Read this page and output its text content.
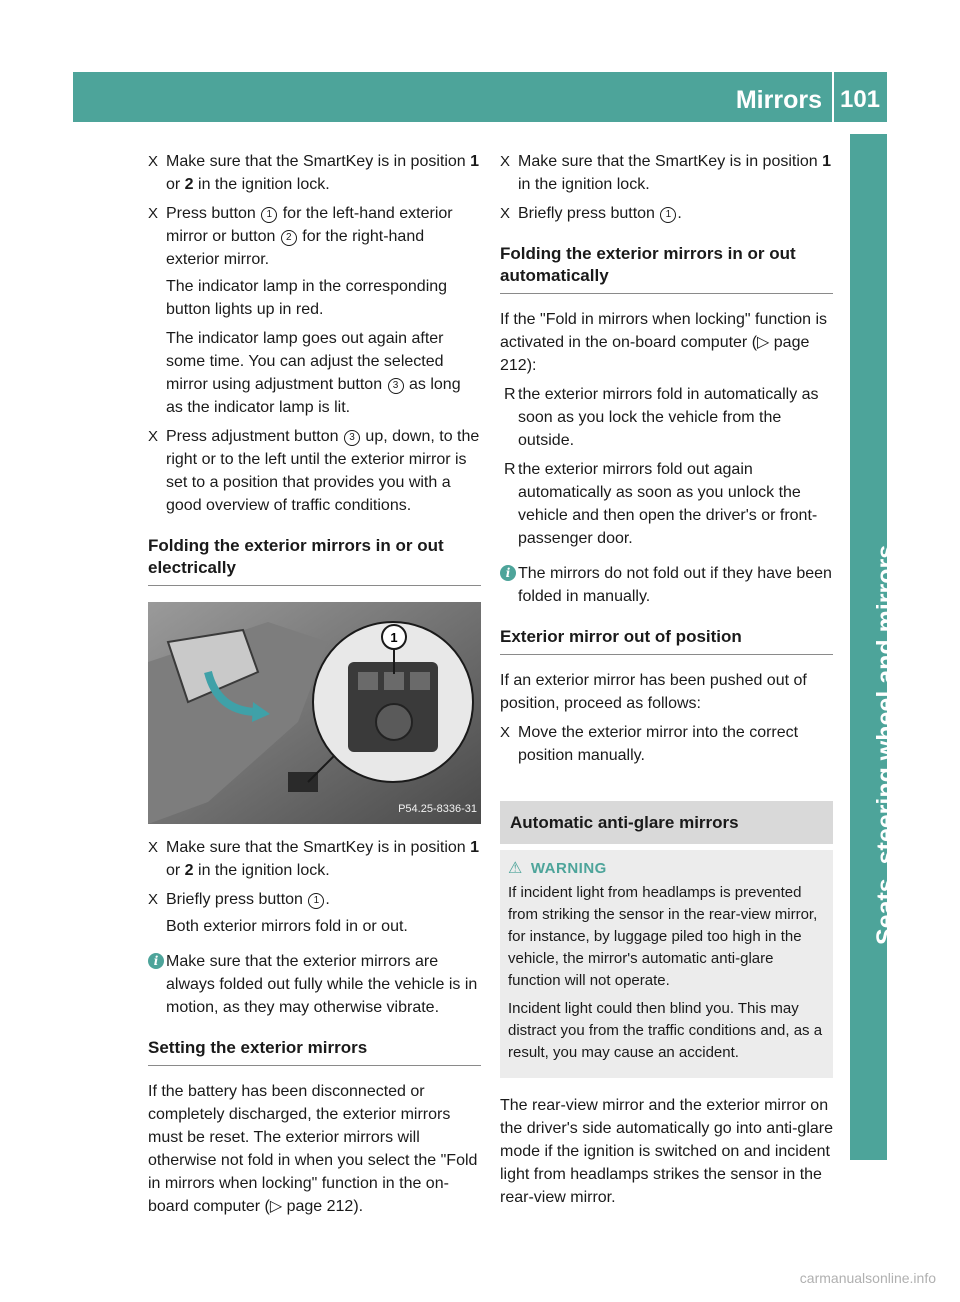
Mirrors 101
Seats, steering wheel and mirrors
X Make sure that the SmartKey is in position 1 or 2 in the ignition lock.
X Press button 1 for the left-hand exterior mirror or button 2 for the right-hand exterior mirror.
The indicator lamp in the corresponding button lights up in red.
The indicator lamp goes out again after some time. You can adjust the selected mirror using adjustment button 3 as long as the indicator lamp is lit.
X Press adjustment button 3 up, down, to the right or to the left until the exterior mirror is set to a position that provides you with a good overview of traffic conditions.
Folding the exterior mirrors in or out electrically
1
P54.25-8336-31
X Make sure that the SmartKey is in position 1 or 2 in the ignition lock.
X Briefly press button 1 .
Both exterior mirrors fold in or out.
i Make sure that the exterior mirrors are always folded out fully while the vehicle is in motion, as they may otherwise vibrate.
Setting the exterior mirrors
If the battery has been disconnected or completely discharged, the exterior mirrors must be reset. The exterior mirrors will otherwise not fold in when you select the "Fold in mirrors when locking" function in the on-board computer (▷ page 212).
X Make sure that the SmartKey is in position 1 in the ignition lock.
X Briefly press button 1 .
Folding the exterior mirrors in or out automatically
If the "Fold in mirrors when locking" function is activated in the on-board computer (▷ page 212):
R the exterior mirrors fold in automatically as soon as you lock the vehicle from the outside.
R the exterior mirrors fold out again automatically as soon as you unlock the vehicle and then open the driver's or front-passenger door.
i The mirrors do not fold out if they have been folded in manually.
Exterior mirror out of position
If an exterior mirror has been pushed out of position, proceed as follows:
X Move the exterior mirror into the correct position manually.
Automatic anti-glare mirrors
⚠ WARNING

If incident light from headlamps is prevented from striking the sensor in the rear-view mirror, for instance, by luggage piled too high in the vehicle, the mirror's automatic anti-glare function will not operate.

Incident light could then blind you. This may distract you from the traffic conditions and, as a result, you may cause an accident.

The rear-view mirror and the exterior mirror on the driver's side automatically go into anti-glare mode if the ignition is switched on and incident light from headlamps strikes the sensor in the rear-view mirror.
carmanualsonline.info
